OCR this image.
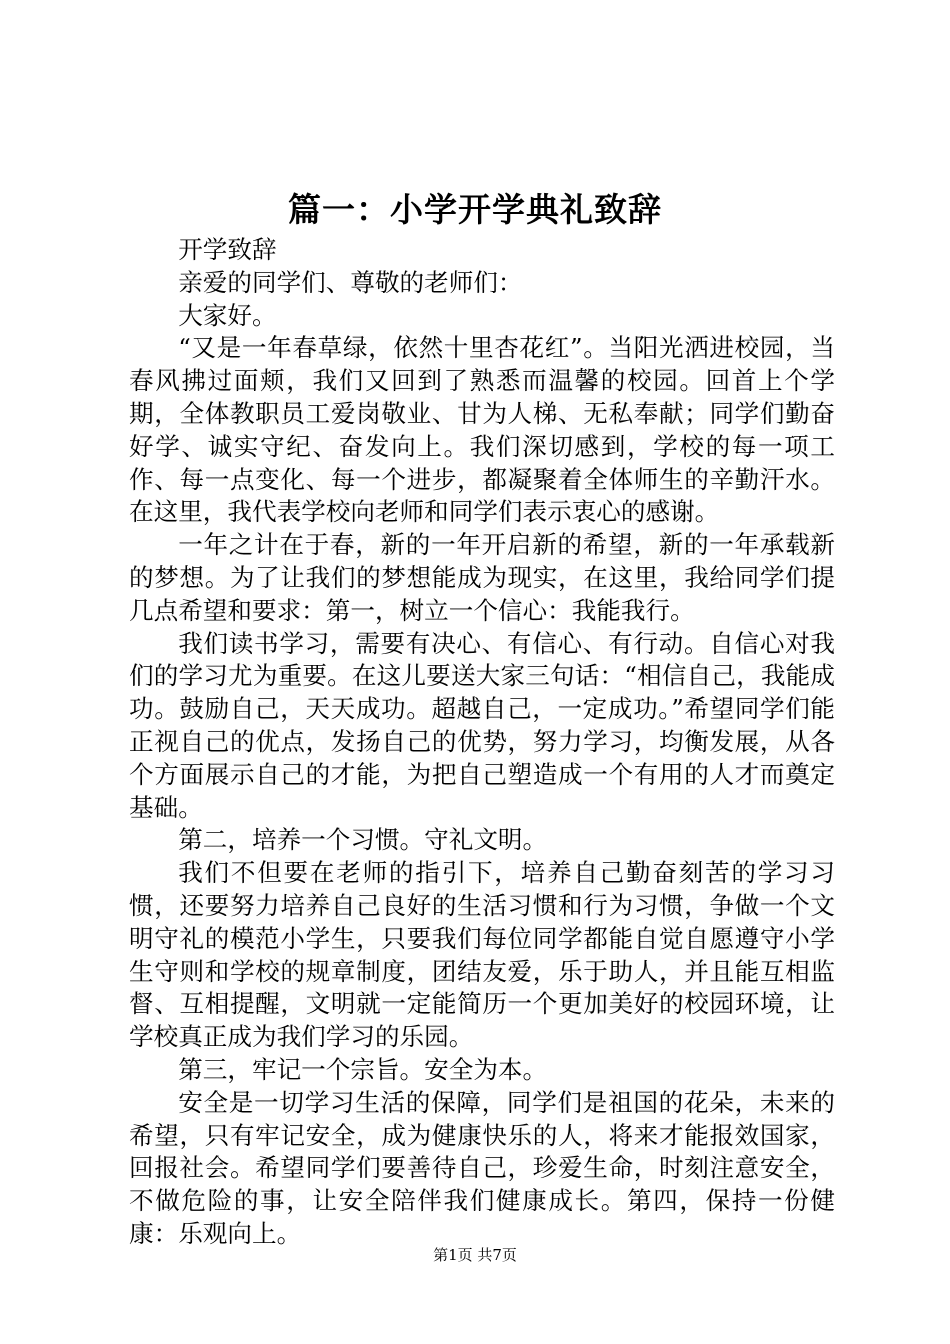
篇一：小学开学典礼致辞

开学致辞

亲爱的同学们、尊敬的老师们：

大家好。

“又是一年春草绿，依然十里杏花红”。当阳光洒进校园，当春风拂过面颊，我们又回到了熟悉而温馨的校园。回首上个学期，全体教职员工爱岗敬业、甘为人梯、无私奉献；同学们勤奋好学、诚实守纪、奋发向上。我们深切感到，学校的每一项工作、每一点变化、每一个进步，都凝聚着全体师生的辛勤汗水。在这里，我代表学校向老师和同学们表示衷心的感谢。

一年之计在于春，新的一年开启新的希望，新的一年承载新的梦想。为了让我们的梦想能成为现实，在这里，我给同学们提几点希望和要求：第一，树立一个信心：我能我行。

我们读书学习，需要有决心、有信心、有行动。自信心对我们的学习尤为重要。在这儿要送大家三句话：“相信自己，我能成功。鼓励自己，天天成功。超越自己，一定成功。”希望同学们能正视自己的优点，发扬自己的优势，努力学习，均衡发展，从各个方面展示自己的才能，为把自己塑造成一个有用的人才而奠定基础。

第二，培养一个习惯。守礼文明。

我们不但要在老师的指引下，培养自己勤奋刻苦的学习习惯，还要努力培养自己良好的生活习惯和行为习惯，争做一个文明守礼的模范小学生，只要我们每位同学都能自觉自愿遵守小学生守则和学校的规章制度，团结友爱，乐于助人，并且能互相监督、互相提醒，文明就一定能简历一个更加美好的校园环境，让学校真正成为我们学习的乐园。

第三，牢记一个宗旨。安全为本。

安全是一切学习生活的保障，同学们是祖国的花朵，未来的希望，只有牢记安全，成为健康快乐的人，将来才能报效国家，回报社会。希望同学们要善待自己，珍爱生命，时刻注意安全，不做危险的事，让安全陪伴我们健康成长。第四，保持一份健康：乐观向上。

第1页 共7页
